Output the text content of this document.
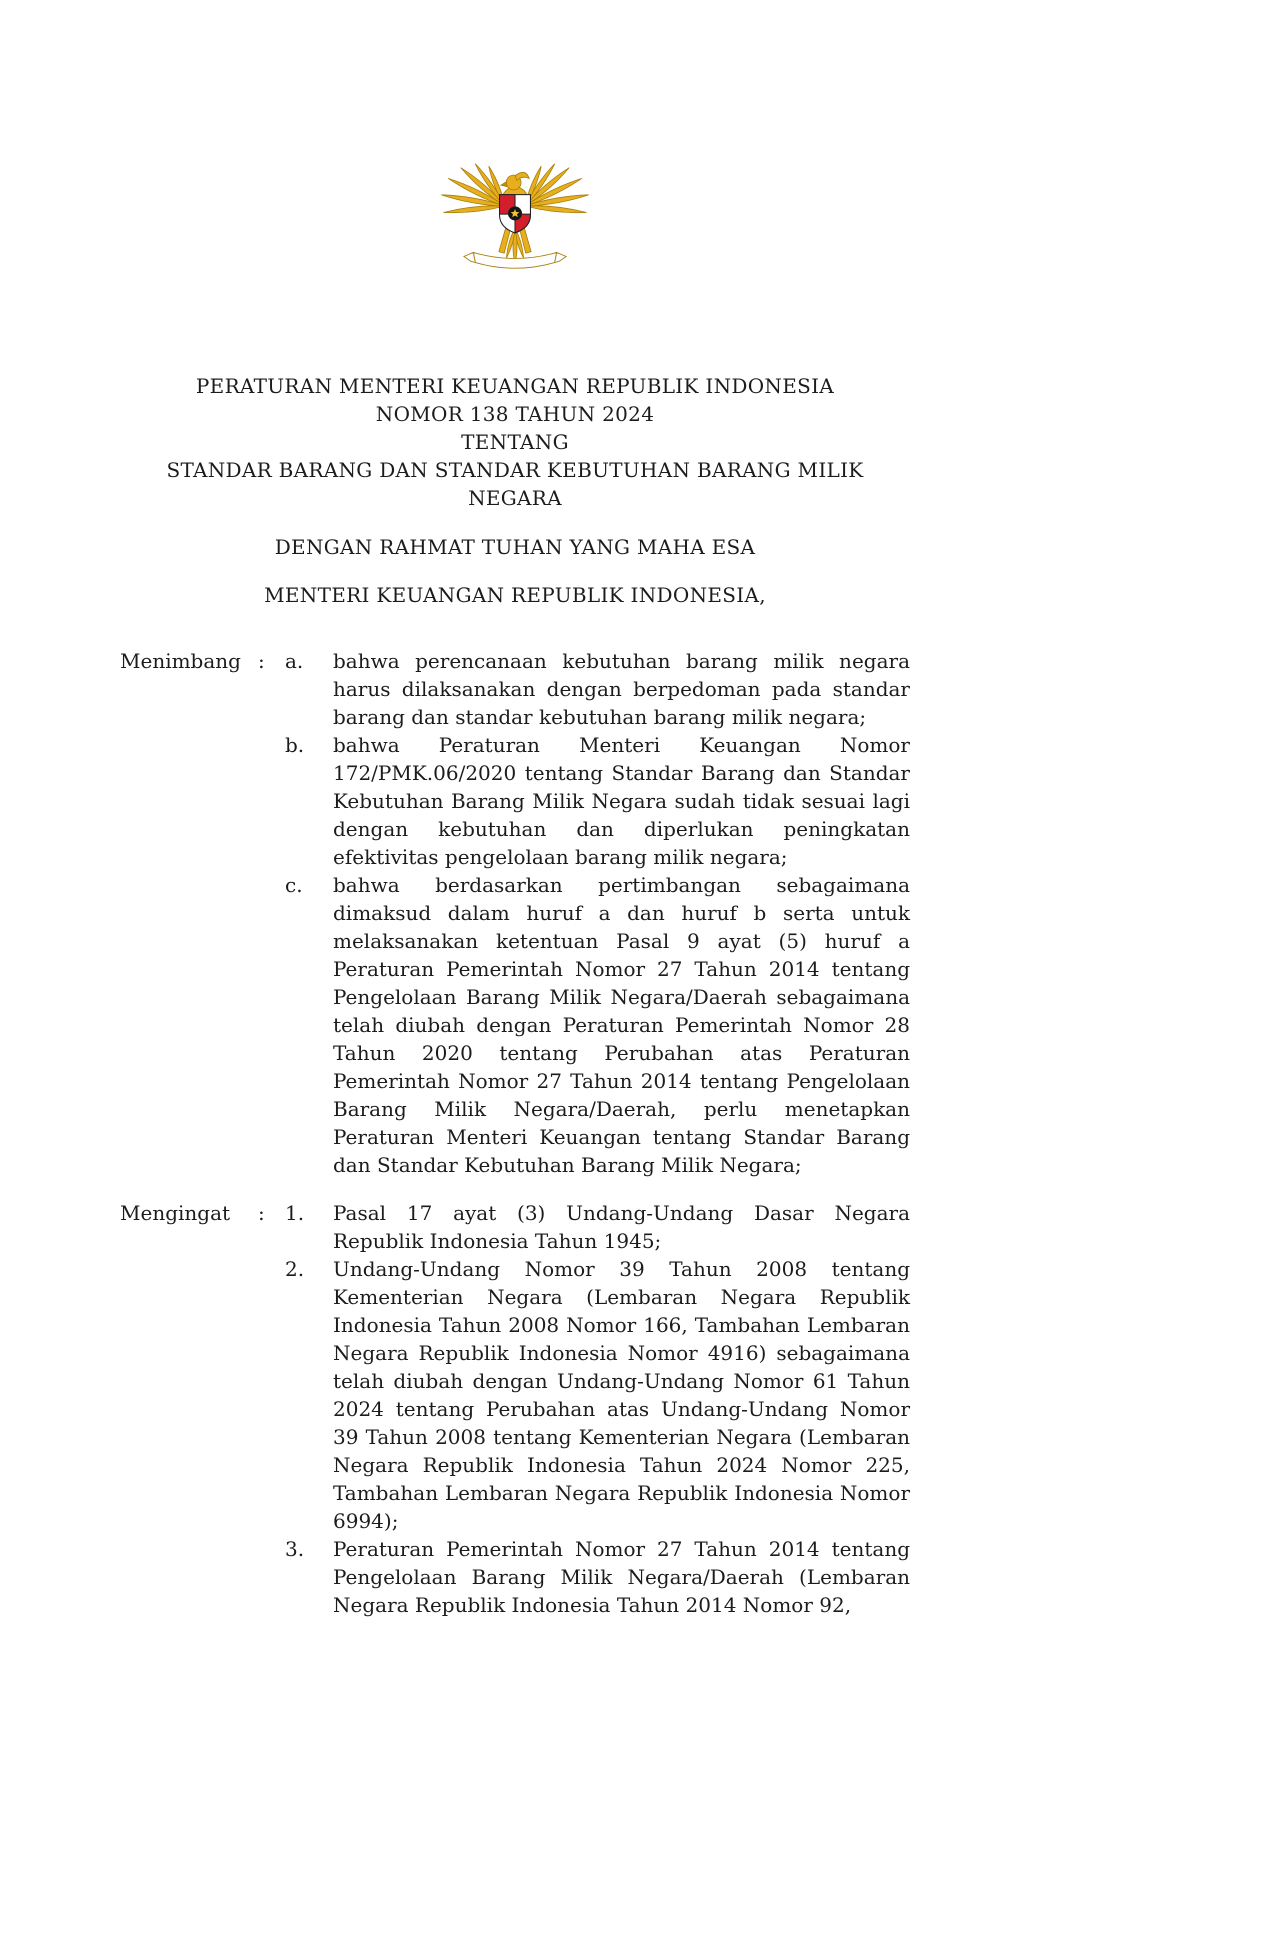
PERATURAN MENTERI KEUANGAN REPUBLIK INDONESIA
NOMOR 138 TAHUN 2024
TENTANG
STANDAR BARANG DAN STANDAR KEBUTUHAN BARANG MILIK NEGARA
DENGAN RAHMAT TUHAN YANG MAHA ESA
MENTERI KEUANGAN REPUBLIK INDONESIA,
Menimbang :	a.	bahwa perencanaan kebutuhan barang milik negara harus dilaksanakan dengan berpedoman pada standar barang dan standar kebutuhan barang milik negara;
b.	bahwa Peraturan Menteri Keuangan Nomor 172/PMK.06/2020 tentang Standar Barang dan Standar Kebutuhan Barang Milik Negara sudah tidak sesuai lagi dengan kebutuhan dan diperlukan peningkatan efektivitas pengelolaan barang milik negara;
c.	bahwa berdasarkan pertimbangan sebagaimana dimaksud dalam huruf a dan huruf b serta untuk melaksanakan ketentuan Pasal 9 ayat (5) huruf a Peraturan Pemerintah Nomor 27 Tahun 2014 tentang Pengelolaan Barang Milik Negara/Daerah sebagaimana telah diubah dengan Peraturan Pemerintah Nomor 28 Tahun 2020 tentang Perubahan atas Peraturan Pemerintah Nomor 27 Tahun 2014 tentang Pengelolaan Barang Milik Negara/Daerah, perlu menetapkan Peraturan Menteri Keuangan tentang Standar Barang dan Standar Kebutuhan Barang Milik Negara;
Mengingat	:	1.	Pasal 17 ayat (3) Undang-Undang Dasar Negara Republik Indonesia Tahun 1945;
2.	Undang-Undang Nomor 39 Tahun 2008 tentang Kementerian Negara (Lembaran Negara Republik Indonesia Tahun 2008 Nomor 166, Tambahan Lembaran Negara Republik Indonesia Nomor 4916) sebagaimana telah diubah dengan Undang-Undang Nomor 61 Tahun 2024 tentang Perubahan atas Undang-Undang Nomor 39 Tahun 2008 tentang Kementerian Negara (Lembaran Negara Republik Indonesia Tahun 2024 Nomor 225, Tambahan Lembaran Negara Republik Indonesia Nomor 6994);
3.	Peraturan Pemerintah Nomor 27 Tahun 2014 tentang Pengelolaan Barang Milik Negara/Daerah (Lembaran Negara Republik Indonesia Tahun 2014 Nomor 92,
